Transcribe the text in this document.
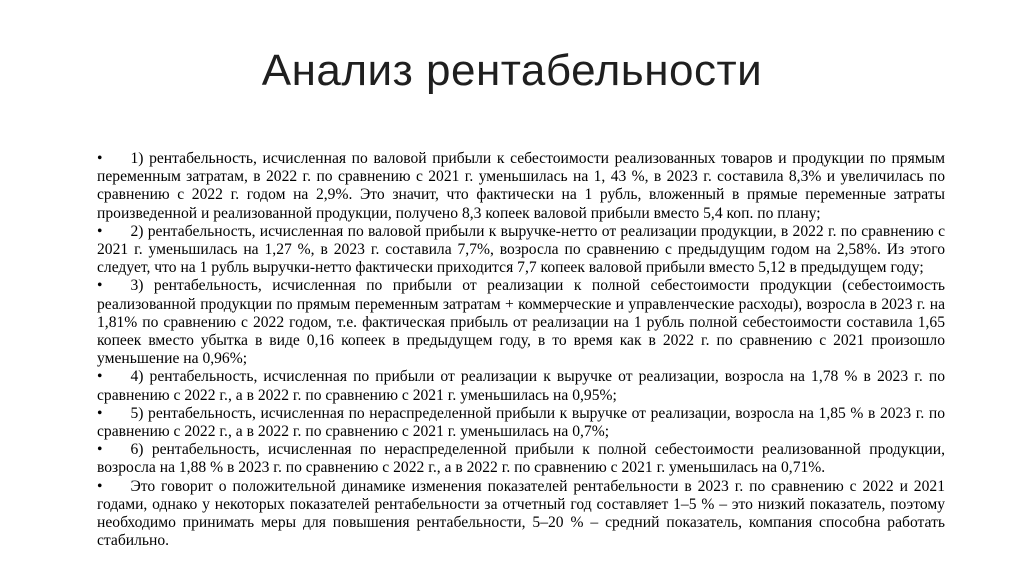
Анализ рентабельности

• 1) рентабельность, исчисленная по валовой прибыли к себестоимости реализованных товаров и продукции по прямым переменным затратам, в 2022 г. по сравнению с 2021 г. уменьшилась на 1, 43 %, в 2023 г. составила 8,3% и увеличилась по сравнению с 2022 г. годом на 2,9%. Это значит, что фактически на 1 рубль, вложенный в прямые переменные затраты произведенной и реализованной продукции, получено 8,3 копеек валовой прибыли вместо 5,4 коп. по плану;

• 2) рентабельность, исчисленная по валовой прибыли к выручке-нетто от реализации продукции, в 2022 г. по сравнению с 2021 г. уменьшилась на 1,27 %, в 2023 г. составила 7,7%, возросла по сравнению с предыдущим годом на 2,58%. Из этого следует, что на 1 рубль выручки-нетто фактически приходится 7,7 копеек валовой прибыли вместо 5,12 в предыдущем году;

• 3) рентабельность, исчисленная по прибыли от реализации к полной себестоимости продукции (себестоимость реализованной продукции по прямым переменным затратам + коммерческие и управленческие расходы), возросла в 2023 г. на 1,81% по сравнению с 2022 годом, т.е. фактическая прибыль от реализации на 1 рубль полной себестоимости составила 1,65 копеек вместо убытка в виде 0,16 копеек в предыдущем году, в то время как в 2022 г. по сравнению с 2021 произошло уменьшение на 0,96%;

• 4) рентабельность, исчисленная по прибыли от реализации к выручке от реализации, возросла на 1,78 % в 2023 г. по сравнению с 2022 г., а в 2022 г. по сравнению с 2021 г. уменьшилась на 0,95%;

• 5) рентабельность, исчисленная по нераспределенной прибыли к выручке от реализации, возросла на 1,85 % в 2023 г. по сравнению с 2022 г., а в 2022 г. по сравнению с 2021 г. уменьшилась на 0,7%;

• 6) рентабельность, исчисленная по нераспределенной прибыли к полной себестоимости реализованной продукции, возросла на 1,88 % в 2023 г. по сравнению с 2022 г., а в 2022 г. по сравнению с 2021 г. уменьшилась на 0,71%.

• Это говорит о положительной динамике изменения показателей рентабельности в 2023 г. по сравнению с 2022 и 2021 годами, однако у некоторых показателей рентабельности за отчетный год составляет 1–5 % – это низкий показатель, поэтому необходимо принимать меры для повышения рентабельности, 5–20 % – средний показатель, компания способна работать стабильно.
